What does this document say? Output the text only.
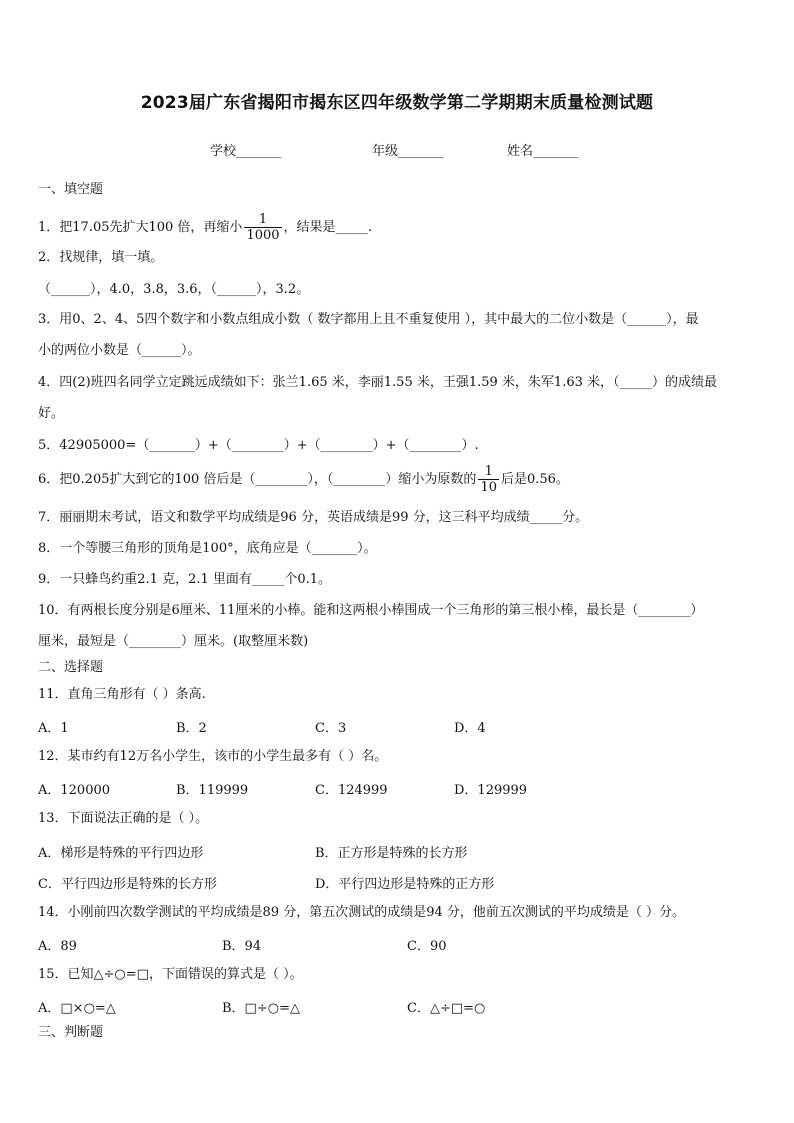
2023届广东省揭阳市揭东区四年级数学第二学期期末质量检测试题
学校_______	年级_______	姓名_______
一、填空题
1．把17.05先扩大100 倍，再缩小 $\frac{1}{1000}$ ，结果是_____.
2．找规律，填一填。
（______），4.0，3.8，3.6，（______），3.2。
3．用0、2、4、5四个数字和小数点组成小数（ 数字都用上且不重复使用 ），其中最大的二位小数是（______），最
小的两位小数是（______）。
4．四(2)班四名同学立定跳远成绩如下：张兰1.65 米，李丽1.55 米，王强1.59 米，朱军1.63 米，（_____）的成绩最
好。
5．42905000=（_______）+（________）+（________）+（________）.
6．把0.205扩大到它的100 倍后是（________），（________）缩小为原数的 $\frac{1}{10}$ 后是0.56。
7．丽丽期末考试，语文和数学平均成绩是96 分，英语成绩是99 分，这三科平均成绩_____分。
8．一个等腰三角形的顶角是100°，底角应是（_______）。
9．一只蜂鸟约重2.1 克，2.1 里面有_____个0.1。
10．有两根长度分别是6厘米、11厘米的小棒。能和这两根小棒围成一个三角形的第三根小棒，最长是（________）
厘米，最短是（________）厘米。(取整厘米数)
二、选择题
11．直角三角形有（ ）条高.
A．1	B．2	C．3	D．4
12．某市约有12万名小学生，该市的小学生最多有（ ）名。
A．120000	B．119999	C．124999	D．129999
13．下面说法正确的是（ ）。
A．梯形是特殊的平行四边形	B．正方形是特殊的长方形
C．平行四边形是特殊的长方形	D．平行四边形是特殊的正方形
14．小刚前四次数学测试的平均成绩是89 分，第五次测试的成绩是94 分，他前五次测试的平均成绩是（ ）分。
A．89	B．94	C．90
15．已知△÷○=□，下面错误的算式是（ ）。
A．□×○=△	B．□÷○=△	C．△÷□=○
三、判断题
